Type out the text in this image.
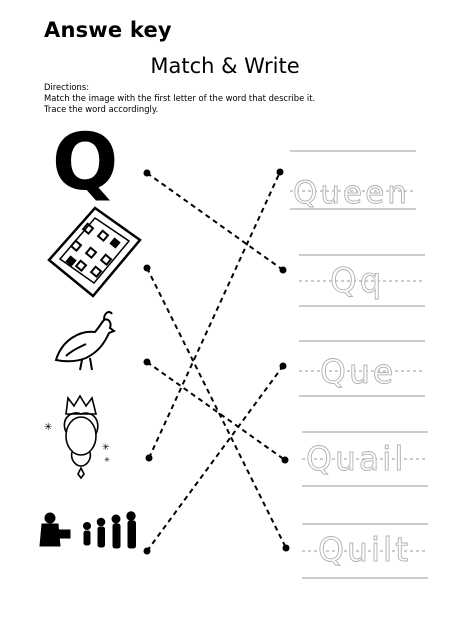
Answe key
Match & Write
Directions:
Match the image with the first letter of the word that describe it.
Trace the word accordingly.
Q
✳
✳
✳
Queen
Qq
Que
Quail
Quilt
